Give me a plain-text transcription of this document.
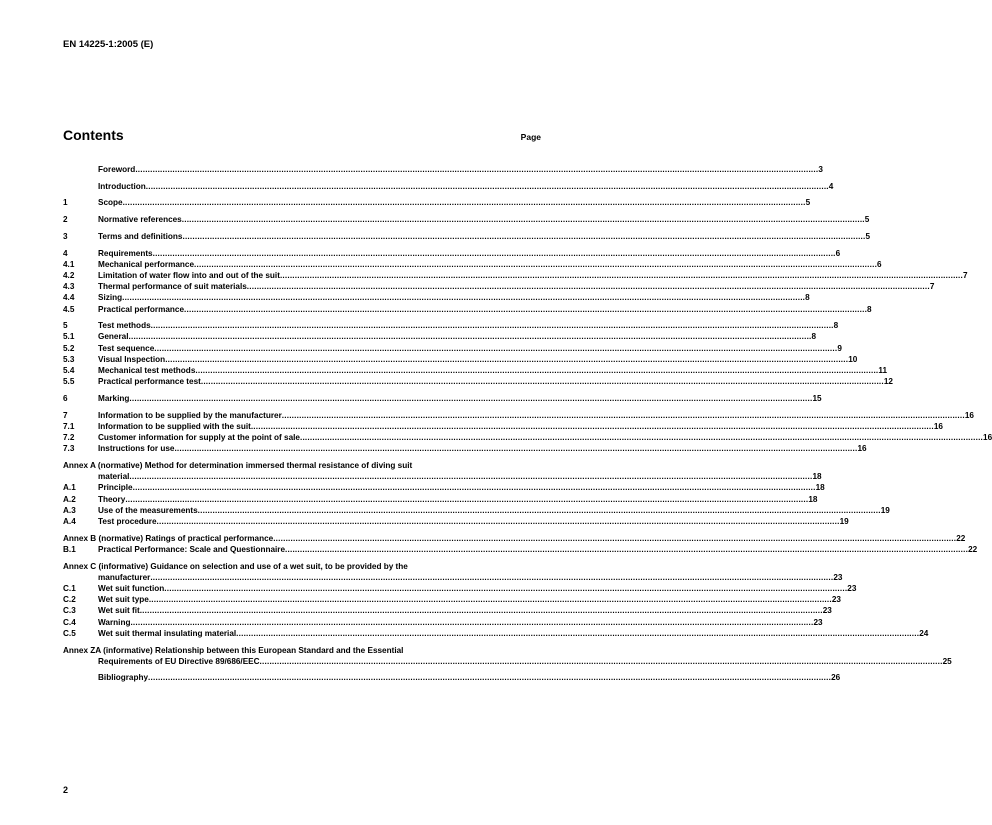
EN 14225-1:2005 (E)
Contents	Page
Foreword .....	3
Introduction .....	4
1	Scope .....	5
2	Normative references .....	5
3	Terms and definitions .....	5
4	Requirements .....	6
4.1	Mechanical performance .....	6
4.2	Limitation of water flow into and out of the suit .....	7
4.3	Thermal performance of suit materials .....	7
4.4	Sizing .....	8
4.5	Practical performance .....	8
5	Test methods .....	8
5.1	General .....	8
5.2	Test sequence .....	9
5.3	Visual Inspection .....	10
5.4	Mechanical test methods .....	11
5.5	Practical performance test .....	12
6	Marking .....	15
7	Information to be supplied by the manufacturer .....	16
7.1	Information to be supplied with the suit .....	16
7.2	Customer information for supply at the point of sale .....	16
7.3	Instructions for use .....	16
Annex A (normative) Method for determination immersed thermal resistance of diving suit
material .....	18
A.1	Principle .....	18
A.2	Theory .....	18
A.3	Use of the measurements .....	19
A.4	Test procedure .....	19
Annex B (normative) Ratings of practical performance .....	22
B.1	Practical Performance: Scale and Questionnaire .....	22
Annex C (informative) Guidance on selection and use of a wet suit, to be provided by the
manufacturer .....	23
C.1	Wet suit function .....	23
C.2	Wet suit type .....	23
C.3	Wet suit fit .....	23
C.4	Warning .....	23
C.5	Wet suit thermal insulating material .....	24
Annex ZA (informative) Relationship between this European Standard and the Essential
Requirements of EU Directive 89/686/EEC .....	25
Bibliography .....	26
2
